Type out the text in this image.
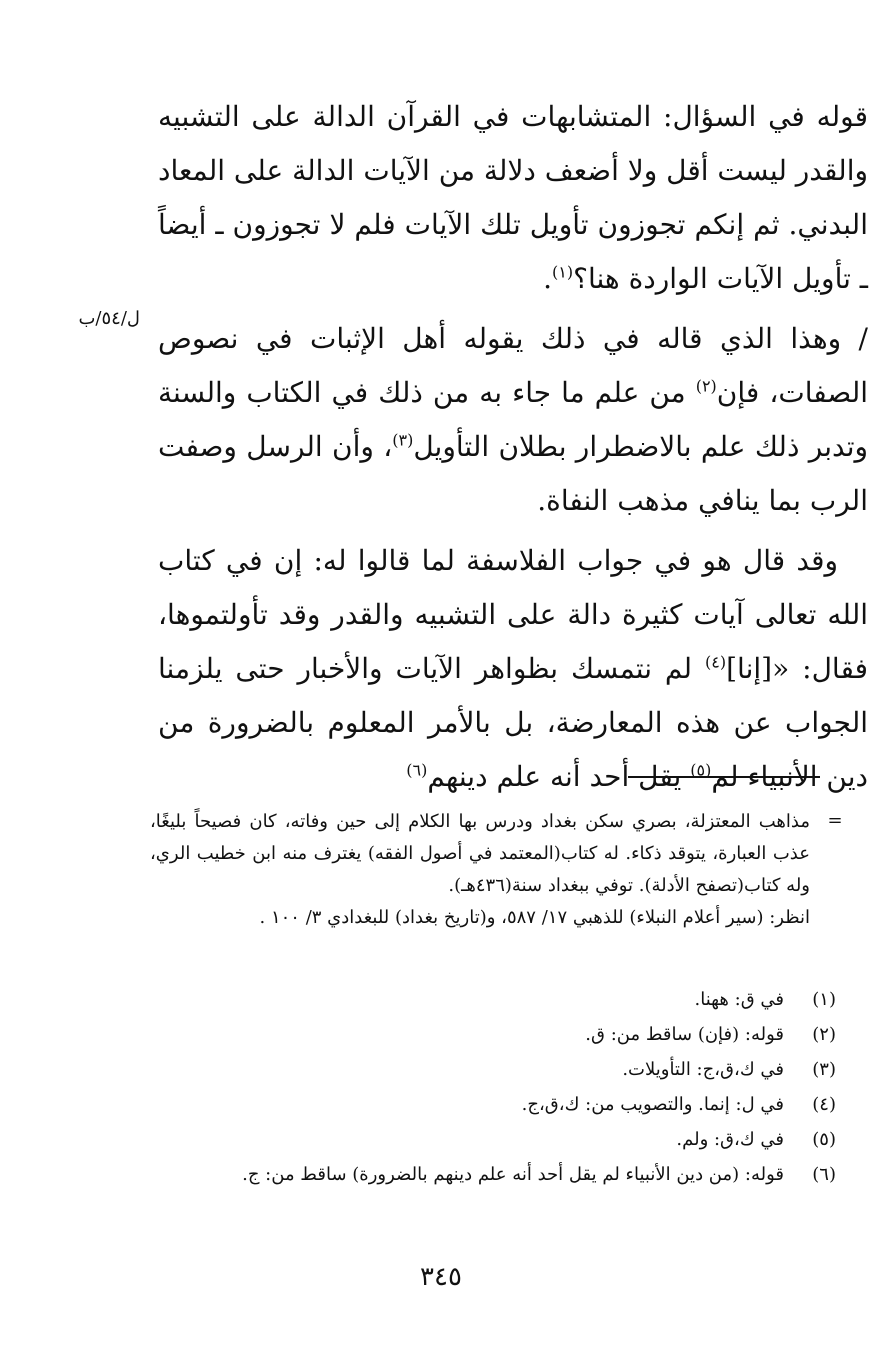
قوله في السؤال: المتشابهات في القرآن الدالة على التشبيه والقدر ليست أقل ولا أضعف دلالة من الآيات الدالة على المعاد البدني. ثم إنكم تجوزون تأويل تلك الآيات فلم لا تجوزون ـ أيضاً ـ تأويل الآيات الواردة هنا؟$^{(١)}$.

/ وهذا الذي قاله في ذلك يقوله أهل الإثبات في نصوص الصفات، فإن$^{(٢)}$ من علم ما جاء به من ذلك في الكتاب والسنة وتدبر ذلك علم بالاضطرار بطلان التأويل$^{(٣)}$، وأن الرسل وصفت الرب بما ينافي مذهب النفاة.

وقد قال هو في جواب الفلاسفة لما قالوا له: إن في كتاب الله تعالى آيات كثيرة دالة على التشبيه والقدر وقد تأولتموها، فقال: «[إنا]$^{(٤)}$ لم نتمسك بظواهر الآيات والأخبار حتى يلزمنا الجواب عن هذه المعارضة، بل بالأمر المعلوم بالضرورة من دين الأنبياء لم$^{(٥)}$ يقل أحد أنه علم دينهم$^{(٦)}$

ل/٥٤/ب
=

مذاهب المعتزلة، بصري سكن بغداد ودرس بها الكلام إلى حين وفاته، كان فصيحاً بليغًا، عذب العبارة، يتوقد ذكاء. له كتاب(المعتمد في أصول الفقه) يغترف منه ابن خطيب الري، وله كتاب(تصفح الأدلة). توفي ببغداد سنة(٤٣٦هـ).

انظر: (سير أعلام النبلاء) للذهبي ١٧/ ٥٨٧، و(تاريخ بغداد) للبغدادي ٣/ ١٠٠ .

(١)
في ق: ههنا.
(٢)
قوله: (فإن) ساقط من: ق.
(٣)
في ك،ق،ج: التأويلات.
(٤)
في ل: إنما. والتصويب من: ك،ق،ج.
(٥)
في ك،ق: ولم.
(٦)
قوله: (من دين الأنبياء لم يقل أحد أنه علم دينهم بالضرورة) ساقط من: ج.
٣٤٥
